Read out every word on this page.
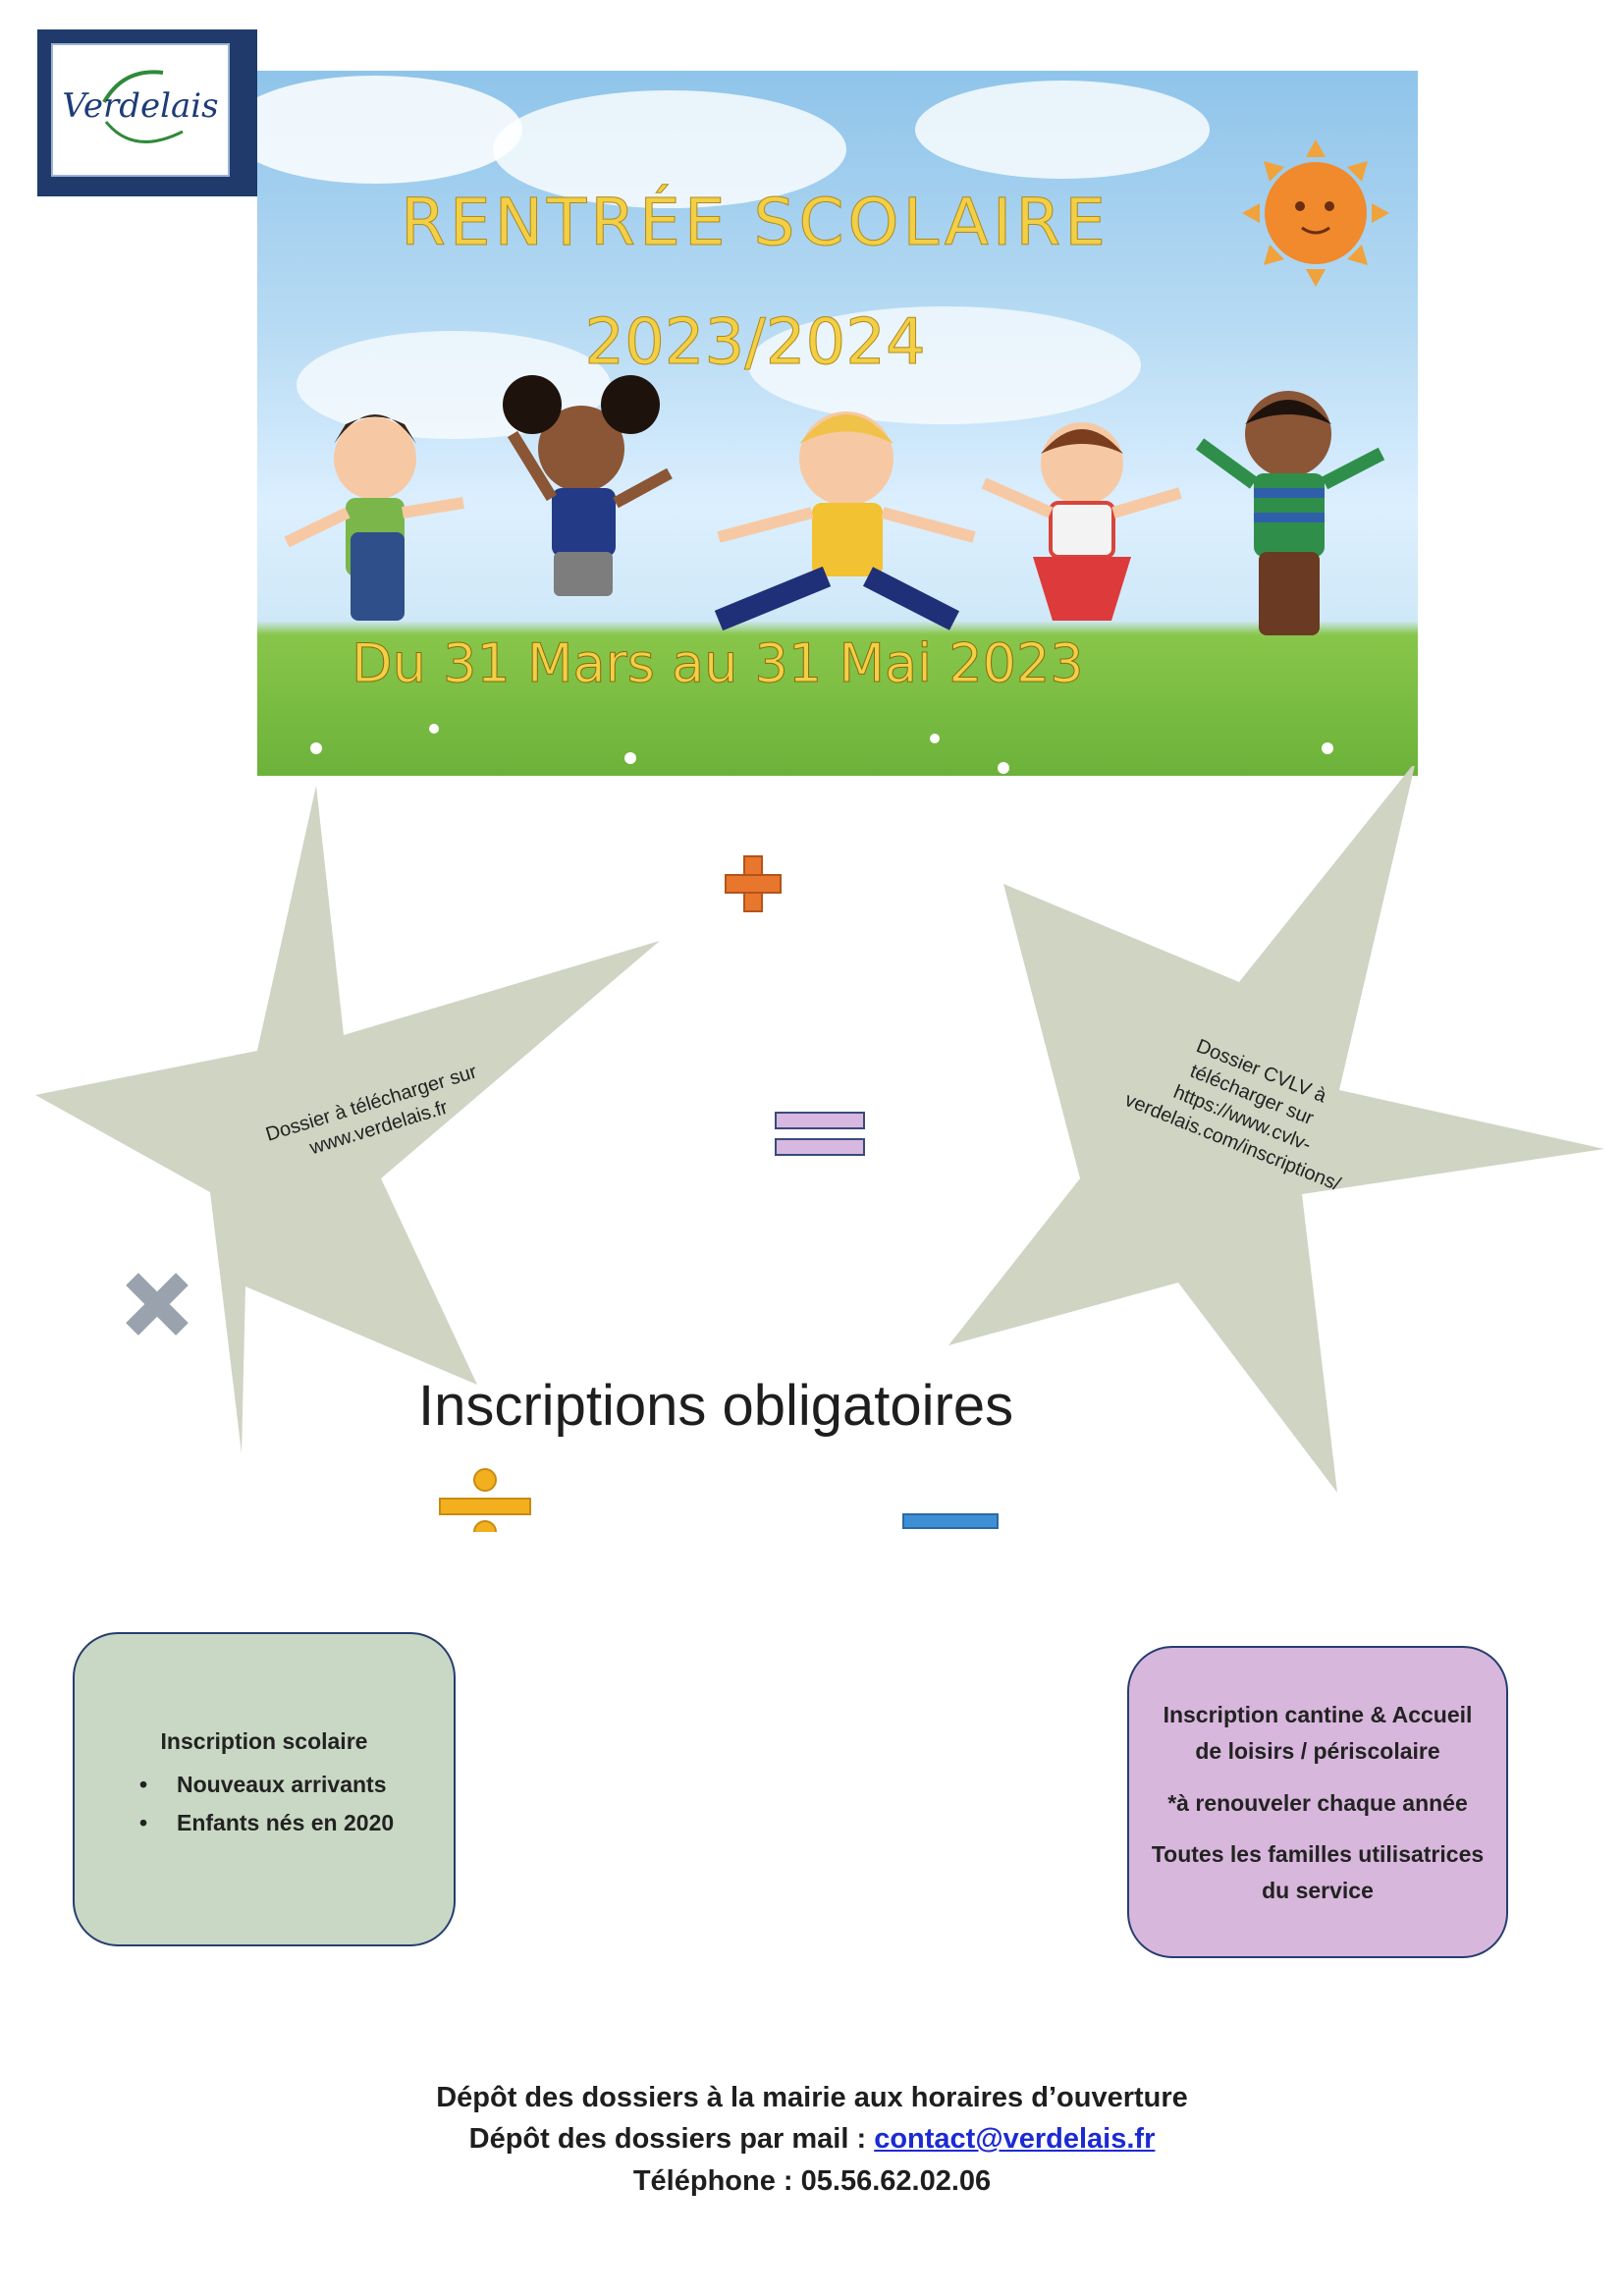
Verdelais
RENTRÉE SCOLAIRE
2023/2024
Du 31 Mars au 31 Mai 2023
Dossier à télécharger sur www.verdelais.fr
Dossier CVLV à télécharger sur https://www.cvlv-verdelais.com/inscriptions/
Inscriptions obligatoires
Inscription scolaire
• Nouveaux arrivants
• Enfants nés en 2020
Inscription cantine & Accueil de loisirs / périscolaire
*à renouveler chaque année
Toutes les familles utilisatrices du service
Dépôt des dossiers à la mairie aux horaires d’ouverture
Dépôt des dossiers par mail : contact@verdelais.fr
Téléphone : 05.56.62.02.06
